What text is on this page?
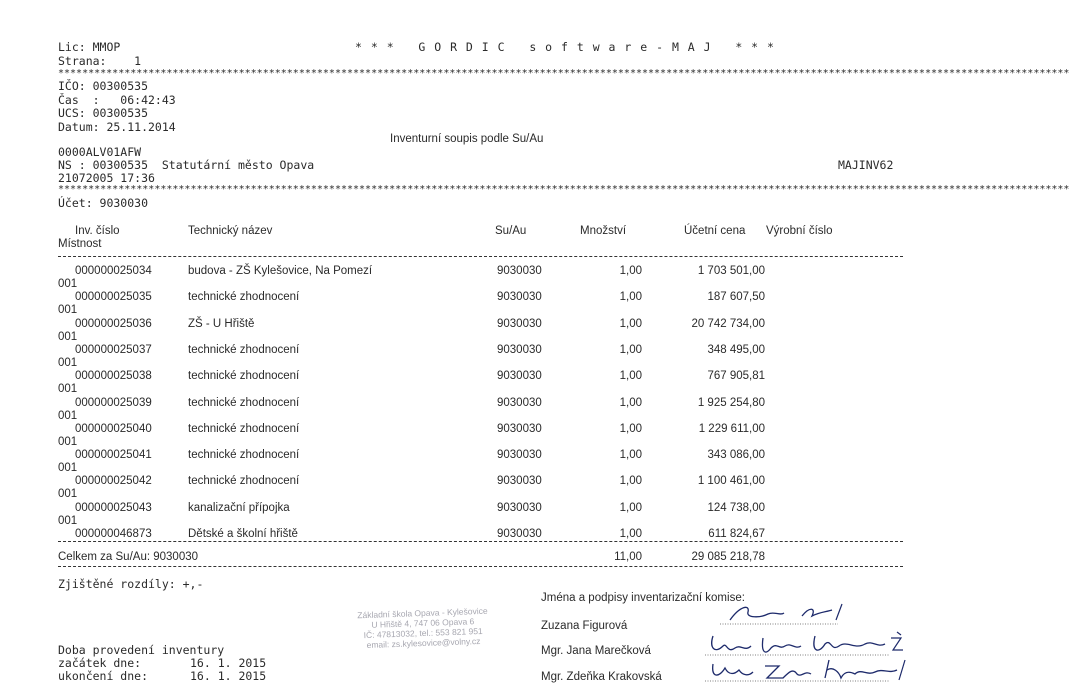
Lic: MMOP
Strana:    1
* * *   G O R D I C   s o f t w a r e - M A J   * * *
************************************************************************************************************************************************************************
IČO: 00300535
Čas  :   06:42:43
UCS: 00300535
Datum: 25.11.2014
Inventurní soupis podle Su/Au
0000ALV01AFW
NS : 00300535  Statutární město Opava	MAJINV62
21072005 17:36
************************************************************************************************************************************************************************
Účet: 9030030
Inv. číslo	Technický název	Su/Au	Množství	Účetní cena Výrobní číslo
Místnost
000000025034	budova - ZŠ Kylešovice, Na Pomezí	9030030	1,00	1 703 501,00
001
000000025035	technické zhodnocení	9030030	1,00	187 607,50
001
000000025036	ZŠ - U Hřiště	9030030	1,00	20 742 734,00
001
000000025037	technické zhodnocení	9030030	1,00	348 495,00
001
000000025038	technické zhodnocení	9030030	1,00	767 905,81
001
000000025039	technické zhodnocení	9030030	1,00	1 925 254,80
001
000000025040	technické zhodnocení	9030030	1,00	1 229 611,00
001
000000025041	technické zhodnocení	9030030	1,00	343 086,00
001
000000025042	technické zhodnocení	9030030	1,00	1 100 461,00
001
000000025043	kanalizační přípojka	9030030	1,00	124 738,00
001
000000046873	Dětské a školní hřiště	9030030	1,00	611 824,67
Celkem za Su/Au: 9030030	11,00	29 085 218,78
Zjištěné rozdíly: +,-
Jména a podpisy inventarizační komise:
Zuzana Figurová
Mgr. Jana Marečková
Mgr. Zdeňka Krakovská
Doba provedení inventury
začátek dne:	16. 1. 2015
ukončení dne:	16. 1. 2015
Základní škola Opava - Kylešovice
U Hřiště 4, 747 06 Opava 6
IČ: 47813032, tel.: 553 821 951
email: zs.kylesovice@volny.cz
